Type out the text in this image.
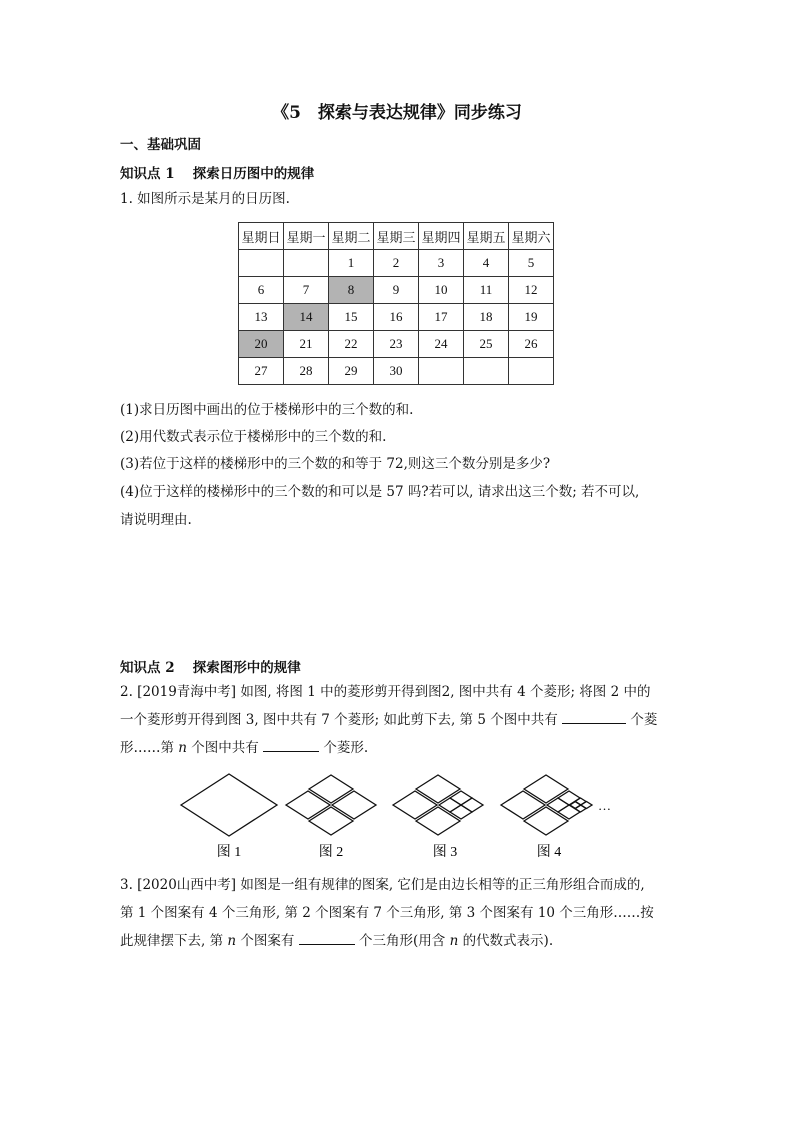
《5　探索与表达规律》同步练习
一、基础巩固
知识点 1　 探索日历图中的规律
1. 如图所示是某月的日历图.
星期日	星期一	星期二	星期三	星期四	星期五	星期六
		1	2	3	4	5
6	7	8	9	10	11	12
13	14	15	16	17	18	19
20	21	22	23	24	25	26
27	28	29	30			
(1)求日历图中画出的位于楼梯形中的三个数的和.
(2)用代数式表示位于楼梯形中的三个数的和.
(3)若位于这样的楼梯形中的三个数的和等于 72,则这三个数分别是多少?
(4)位于这样的楼梯形中的三个数的和可以是 57 吗?若可以, 请求出这三个数; 若不可以,
请说明理由.
知识点 2　 探索图形中的规律
2. [2019青海中考] 如图, 将图 1 中的菱形剪开得到图2, 图中共有 4 个菱形; 将图 2 中的
一个菱形剪开得到图 3, 图中共有 7 个菱形; 如此剪下去, 第 5 个图中共有	个菱
形……第 n 个图中共有	个菱形.
…
图 1	图 2	图 3	图 4
3. [2020山西中考] 如图是一组有规律的图案, 它们是由边长相等的正三角形组合而成的,
第 1 个图案有 4 个三角形, 第 2 个图案有 7 个三角形, 第 3 个图案有 10 个三角形……按
此规律摆下去, 第 n 个图案有	个三角形(用含 n 的代数式表示).
